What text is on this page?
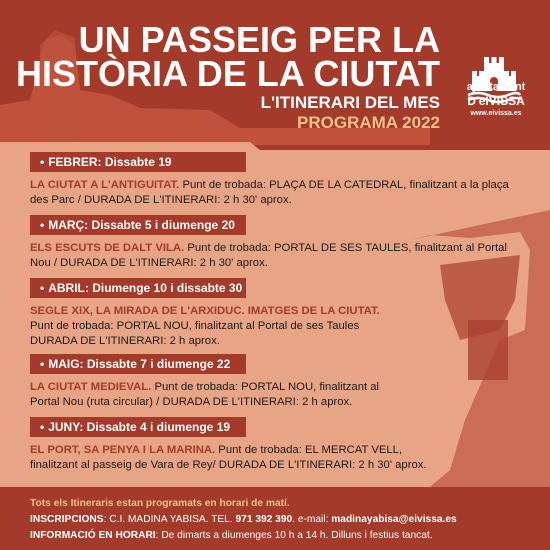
UN PASSEIG PER LA
HISTÒRIA DE LA CIUTAT
L'ITINERARI DEL MES
PROGRAMA 2022
ajuntament
D'eIVISSA
www.eivissa.es
• FEBRER: Dissabte 19
LA CIUTAT A L'ANTIGUITAT. Punt de trobada: PLAÇA DE LA CATEDRAL, finalitzant a la plaça des Parc / DURADA DE L'ITINERARI: 2 h 30' aprox.
• MARÇ: Dissabte 5 i diumenge 20
ELS ESCUTS DE DALT VILA. Punt de trobada: PORTAL DE SES TAULES, finalitzant al Portal Nou / DURADA DE L'ITINERARI: 2 h 30' aprox.
• ABRIL: Diumenge 10 i dissabte 30
SEGLE XIX, LA MIRADA DE L'ARXIDUC. IMATGES DE LA CIUTAT. Punt de trobada: PORTAL NOU, finalitzant al Portal de ses Taules DURADA DE L'ITINERARI: 2 h aprox.
• MAIG: Dissabte 7 i diumenge 22
LA CIUTAT MEDIEVAL. Punt de trobada: PORTAL NOU, finalitzant al Portal Nou (ruta circular) / DURADA DE L'ITINERARI: 2 h aprox.
• JUNY: Dissabte 4 i diumenge 19
EL PORT, SA PENYA I LA MARINA. Punt de trobada: EL MERCAT VELL, finalitzant al passeig de Vara de Rey/ DURADA DE L'ITINERARI: 2 h 30' aprox.
Tots els Itineraris estan programats en horari de matí.
INSCRIPCIONS: C.I. MADINA YABISA. TEL. 971 392 390. e-mail: madinayabisa@eivissa.es
INFORMACIÓ EN HORARI: De dimarts a diumenges 10 h a 14 h. Dilluns i festius tancat.
